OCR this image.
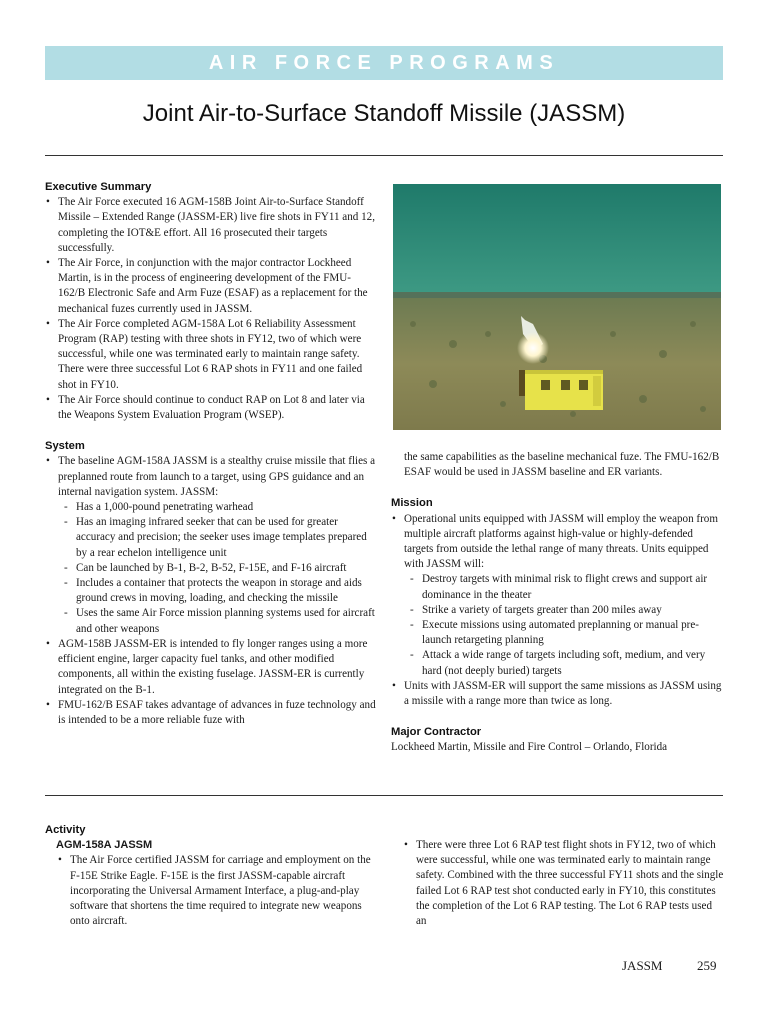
AIR FORCE PROGRAMS
Joint Air-to-Surface Standoff Missile (JASSM)
Executive Summary
• The Air Force executed 16 AGM-158B Joint Air-to-Surface Standoff Missile – Extended Range (JASSM-ER) live fire shots in FY11 and 12, completing the IOT&E effort. All 16 prosecuted their targets successfully.
• The Air Force, in conjunction with the major contractor Lockheed Martin, is in the process of engineering development of the FMU-162/B Electronic Safe and Arm Fuze (ESAF) as a replacement for the mechanical fuzes currently used in JASSM.
• The Air Force completed AGM-158A Lot 6 Reliability Assessment Program (RAP) testing with three shots in FY12, two of which were successful, while one was terminated early to maintain range safety. There were three successful Lot 6 RAP shots in FY11 and one failed shot in FY10.
• The Air Force should continue to conduct RAP on Lot 8 and later via the Weapons System Evaluation Program (WSEP).
System
• The baseline AGM-158A JASSM is a stealthy cruise missile that flies a preplanned route from launch to a target, using GPS guidance and an internal navigation system. JASSM:
- Has a 1,000-pound penetrating warhead
- Has an imaging infrared seeker that can be used for greater accuracy and precision; the seeker uses image templates prepared by a rear echelon intelligence unit
- Can be launched by B-1, B-2, B-52, F-15E, and F-16 aircraft
- Includes a container that protects the weapon in storage and aids ground crews in moving, loading, and checking the missile
- Uses the same Air Force mission planning systems used for aircraft and other weapons
• AGM-158B JASSM-ER is intended to fly longer ranges using a more efficient engine, larger capacity fuel tanks, and other modified components, all within the existing fuselage. JASSM-ER is currently integrated on the B-1.
• FMU-162/B ESAF takes advantage of advances in fuze technology and is intended to be a more reliable fuze with

the same capabilities as the baseline mechanical fuze. The FMU-162/B ESAF would be used in JASSM baseline and ER variants.

Mission
• Operational units equipped with JASSM will employ the weapon from multiple aircraft platforms against high-value or highly-defended targets from outside the lethal range of many threats. Units equipped with JASSM will:
- Destroy targets with minimal risk to flight crews and support air dominance in the theater
- Strike a variety of targets greater than 200 miles away
- Execute missions using automated preplanning or manual pre-launch retargeting planning
- Attack a wide range of targets including soft, medium, and very hard (not deeply buried) targets
• Units with JASSM-ER will support the same missions as JASSM using a missile with a range more than twice as long.
Major Contractor

Lockheed Martin, Missile and Fire Control – Orlando, Florida

Activity
AGM-158A JASSM
• The Air Force certified JASSM for carriage and employment on the F-15E Strike Eagle. F-15E is the first JASSM-capable aircraft incorporating the Universal Armament Interface, a plug-and-play software that shortens the time required to integrate new weapons onto aircraft.
• There were three Lot 6 RAP test flight shots in FY12, two of which were successful, while one was terminated early to maintain range safety. Combined with the three successful FY11 shots and the single failed Lot 6 RAP test shot conducted early in FY10, this constitutes the completion of the Lot 6 RAP testing. The Lot 6 RAP tests used an
JASSM	259
